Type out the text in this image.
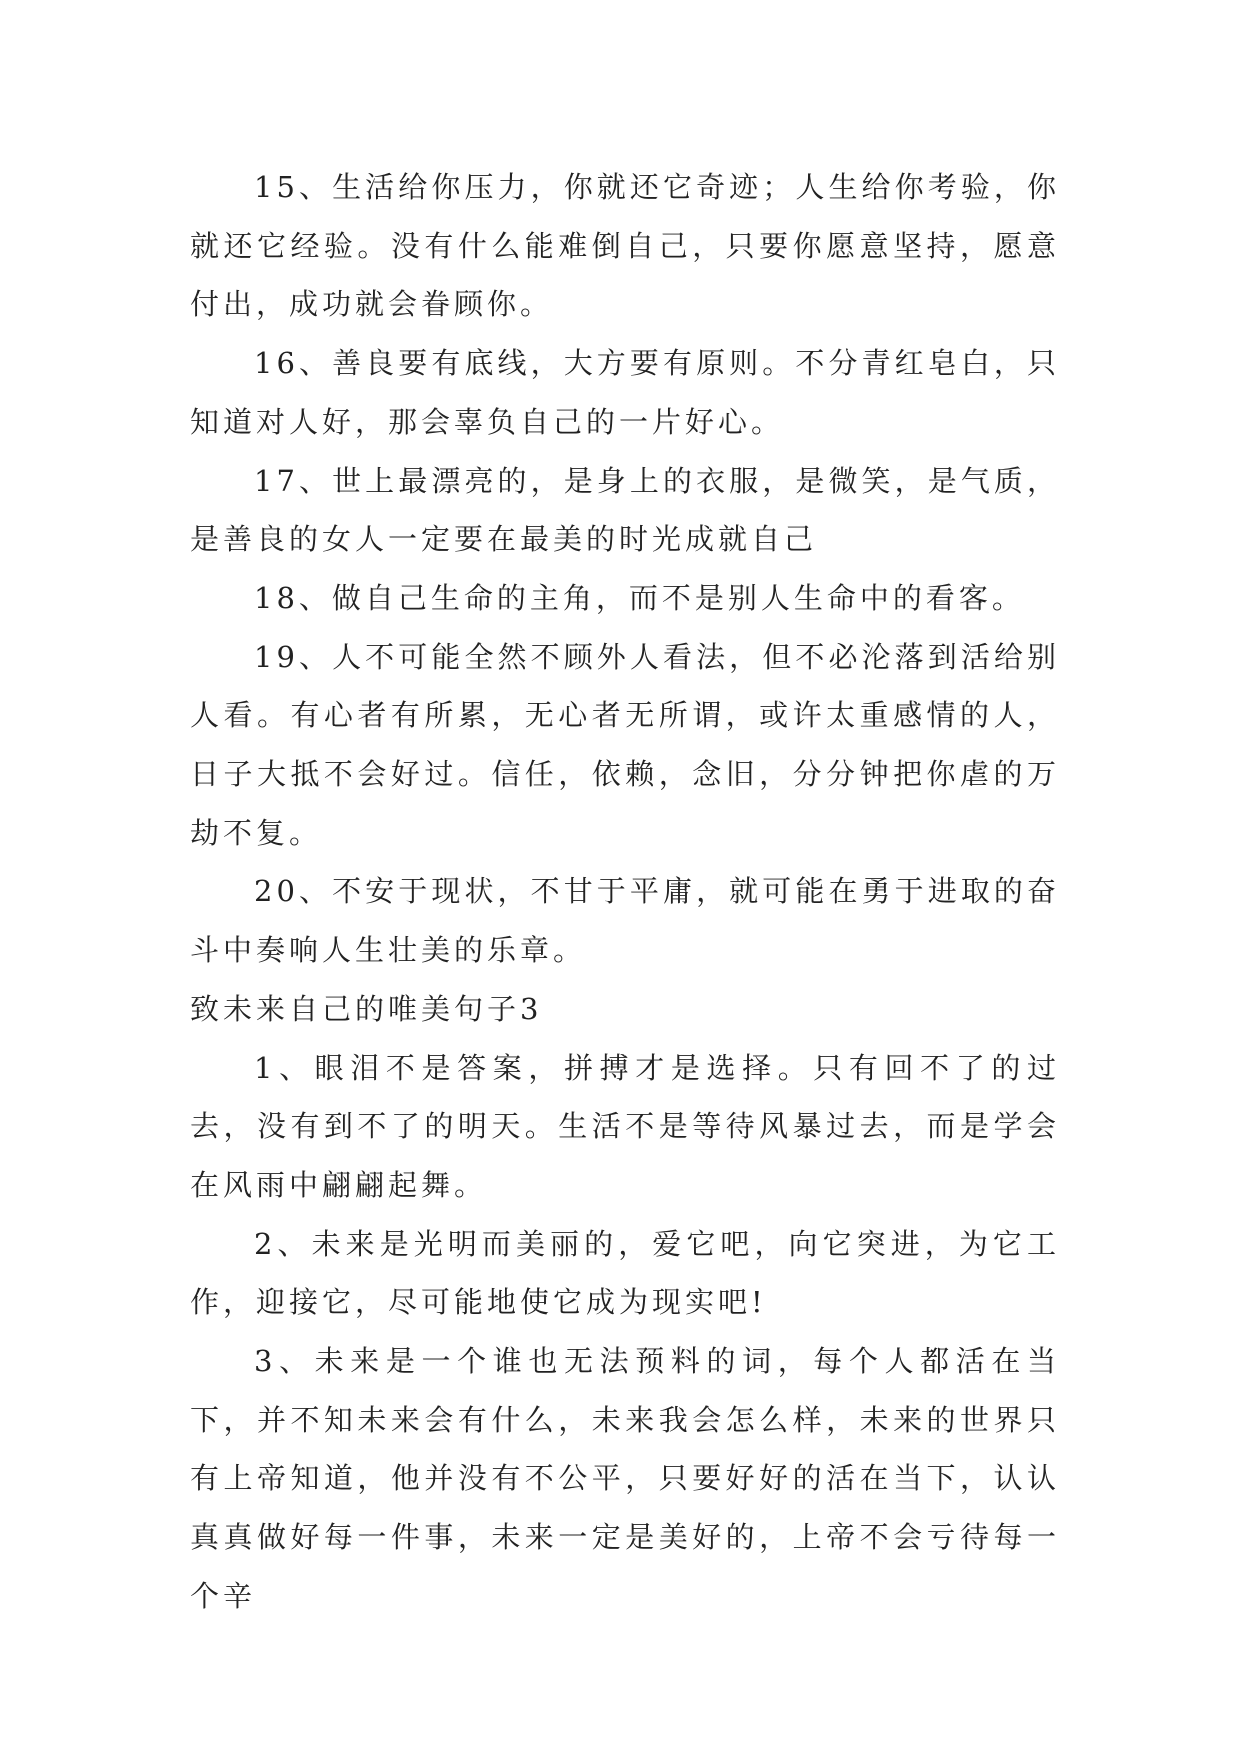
15、生活给你压力，你就还它奇迹；人生给你考验，你就还它经验。没有什么能难倒自己，只要你愿意坚持，愿意付出，成功就会眷顾你。

16、善良要有底线，大方要有原则。不分青红皂白，只知道对人好，那会辜负自己的一片好心。

17、世上最漂亮的，是身上的衣服，是微笑，是气质，是善良的女人一定要在最美的时光成就自己

18、做自己生命的主角，而不是别人生命中的看客。

19、人不可能全然不顾外人看法，但不必沦落到活给别人看。有心者有所累，无心者无所谓，或许太重感情的人，日子大抵不会好过。信任，依赖，念旧，分分钟把你虐的万劫不复。

20、不安于现状，不甘于平庸，就可能在勇于进取的奋斗中奏响人生壮美的乐章。

致未来自己的唯美句子3

1、眼泪不是答案，拼搏才是选择。只有回不了的过去，没有到不了的明天。生活不是等待风暴过去，而是学会在风雨中翩翩起舞。

2、未来是光明而美丽的，爱它吧，向它突进，为它工作，迎接它，尽可能地使它成为现实吧!

3、未来是一个谁也无法预料的词，每个人都活在当下，并不知未来会有什么，未来我会怎么样，未来的世界只有上帝知道，他并没有不公平，只要好好的活在当下，认认真真做好每一件事，未来一定是美好的，上帝不会亏待每一个辛
